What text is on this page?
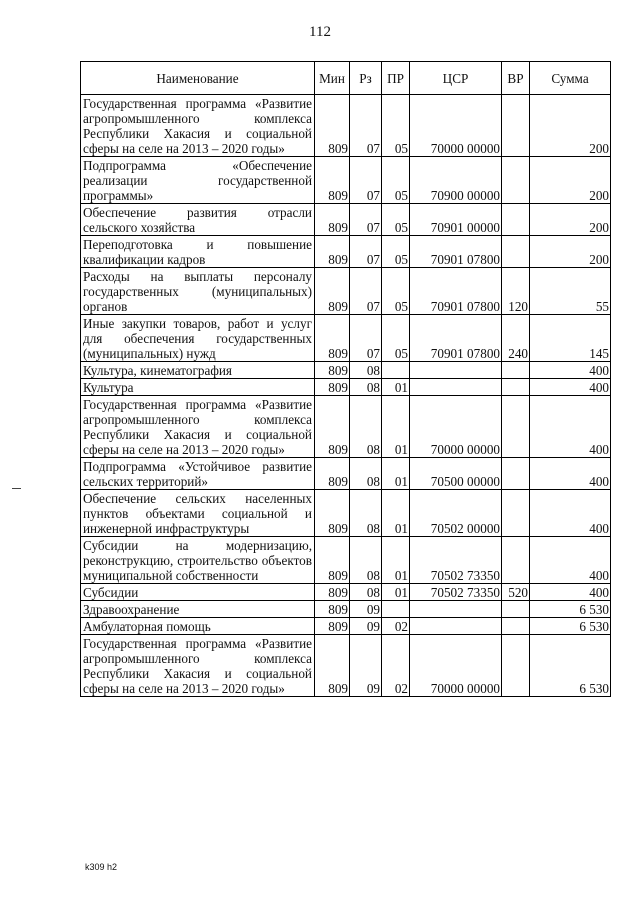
112
Наименование	Мин	Рз	ПР	ЦСР	ВР	Сумма
Государственная программа «Развитие агропромышленного комплекса Республики Хакасия и социальной сферы на селе на 2013 – 2020 годы»	809	07	05	70000 00000		200
Подпрограмма «Обеспечение реализации государственной программы»	809	07	05	70900 00000		200
Обеспечение развития отрасли сельского хозяйства	809	07	05	70901 00000		200
Переподготовка и повышение квалификации кадров	809	07	05	70901 07800		200
Расходы на выплаты персоналу государственных (муниципальных) органов	809	07	05	70901 07800	120	55
Иные закупки товаров, работ и услуг для обеспечения государственных (муниципальных) нужд	809	07	05	70901 07800	240	145
Культура, кинематография	809	08				400
Культура	809	08	01			400
Государственная программа «Развитие агропромышленного комплекса Республики Хакасия и социальной сферы на селе на 2013 – 2020 годы»	809	08	01	70000 00000		400
Подпрограмма «Устойчивое развитие сельских территорий»	809	08	01	70500 00000		400
Обеспечение сельских населенных пунктов объектами социальной и инженерной инфраструктуры	809	08	01	70502 00000		400
Субсидии на модернизацию, реконструкцию, строительство объектов муниципальной собственности	809	08	01	70502 73350		400
Субсидии	809	08	01	70502 73350	520	400
Здравоохранение	809	09				6 530
Амбулаторная помощь	809	09	02			6 530
Государственная программа «Развитие агропромышленного комплекса Республики Хакасия и социальной сферы на селе на 2013 – 2020 годы»	809	09	02	70000 00000		6 530
k309 h2
